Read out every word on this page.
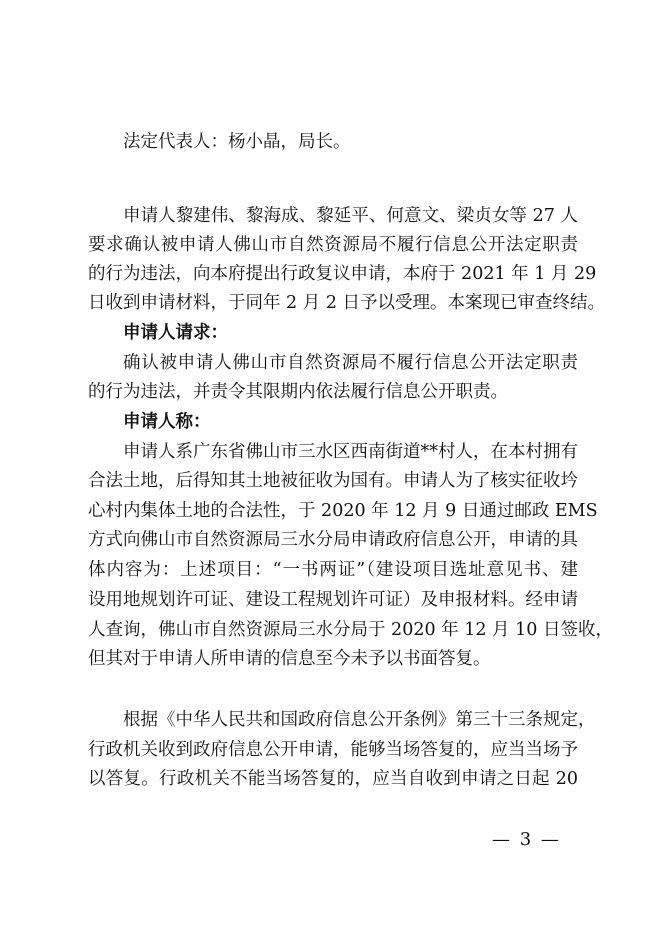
法定代表人：杨小晶，局长。
申请人黎建伟、黎海成、黎延平、何意文、梁贞女等 27 人
要求确认被申请人佛山市自然资源局不履行信息公开法定职责
的行为违法，向本府提出行政复议申请，本府于 2021 年 1 月 29
日收到申请材料，于同年 2 月 2 日予以受理。本案现已审查终结。
申请人请求：
确认被申请人佛山市自然资源局不履行信息公开法定职责
的行为违法，并责令其限期内依法履行信息公开职责。
申请人称：
申请人系广东省佛山市三水区西南街道**村人，在本村拥有
合法土地，后得知其土地被征收为国有。申请人为了核实征收坅
心村内集体土地的合法性，于 2020 年 12 月 9 日通过邮政 EMS
方式向佛山市自然资源局三水分局申请政府信息公开，申请的具
体内容为：上述项目：“一书两证”（建设项目选址意见书、建
设用地规划许可证、建设工程规划许可证）及申报材料。经申请
人查询，佛山市自然资源局三水分局于 2020 年 12 月 10 日签收，
但其对于申请人所申请的信息至今未予以书面答复。
根据《中华人民共和国政府信息公开条例》第三十三条规定，
行政机关收到政府信息公开申请，能够当场答复的，应当当场予
以答复。行政机关不能当场答复的，应当自收到申请之日起 20
— 3 —
